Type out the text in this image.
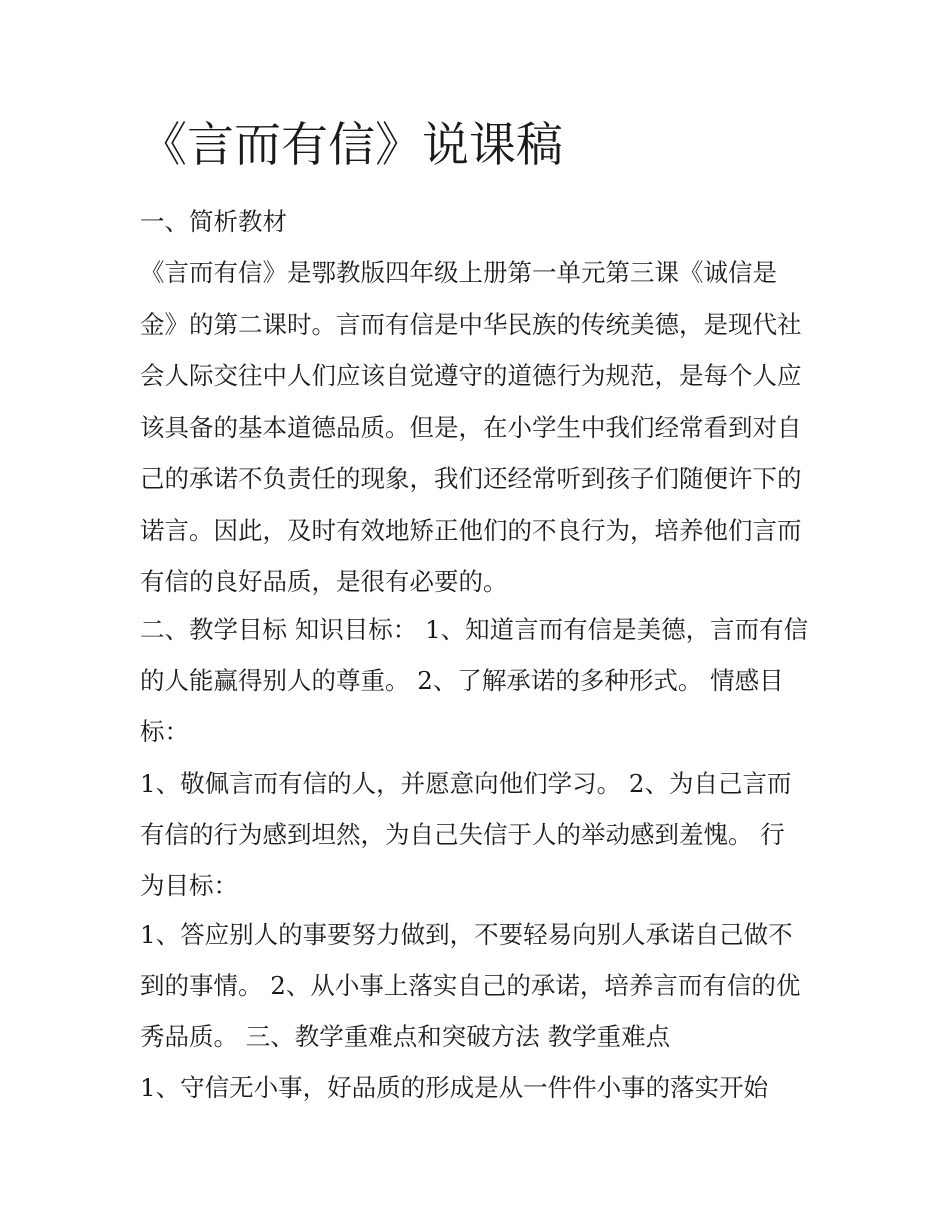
《言而有信》说课稿

一、简析教材

《言而有信》是鄂教版四年级上册第一单元第三课《诚信是

金》的第二课时。言而有信是中华民族的传统美德，是现代社

会人际交往中人们应该自觉遵守的道德行为规范，是每个人应

该具备的基本道德品质。但是，在小学生中我们经常看到对自

己的承诺不负责任的现象，我们还经常听到孩子们随便许下的

诺言。因此，及时有效地矫正他们的不良行为，培养他们言而

有信的良好品质，是很有必要的。

二、教学目标 知识目标： 1、知道言而有信是美德，言而有信

的人能赢得别人的尊重。 2、了解承诺的多种形式。 情感目

标：

1、敬佩言而有信的人，并愿意向他们学习。 2、为自己言而

有信的行为感到坦然，为自己失信于人的举动感到羞愧。 行

为目标：

1、答应别人的事要努力做到，不要轻易向别人承诺自己做不

到的事情。 2、从小事上落实自己的承诺，培养言而有信的优

秀品质。 三、教学重难点和突破方法 教学重难点

1、守信无小事，好品质的形成是从一件件小事的落实开始
